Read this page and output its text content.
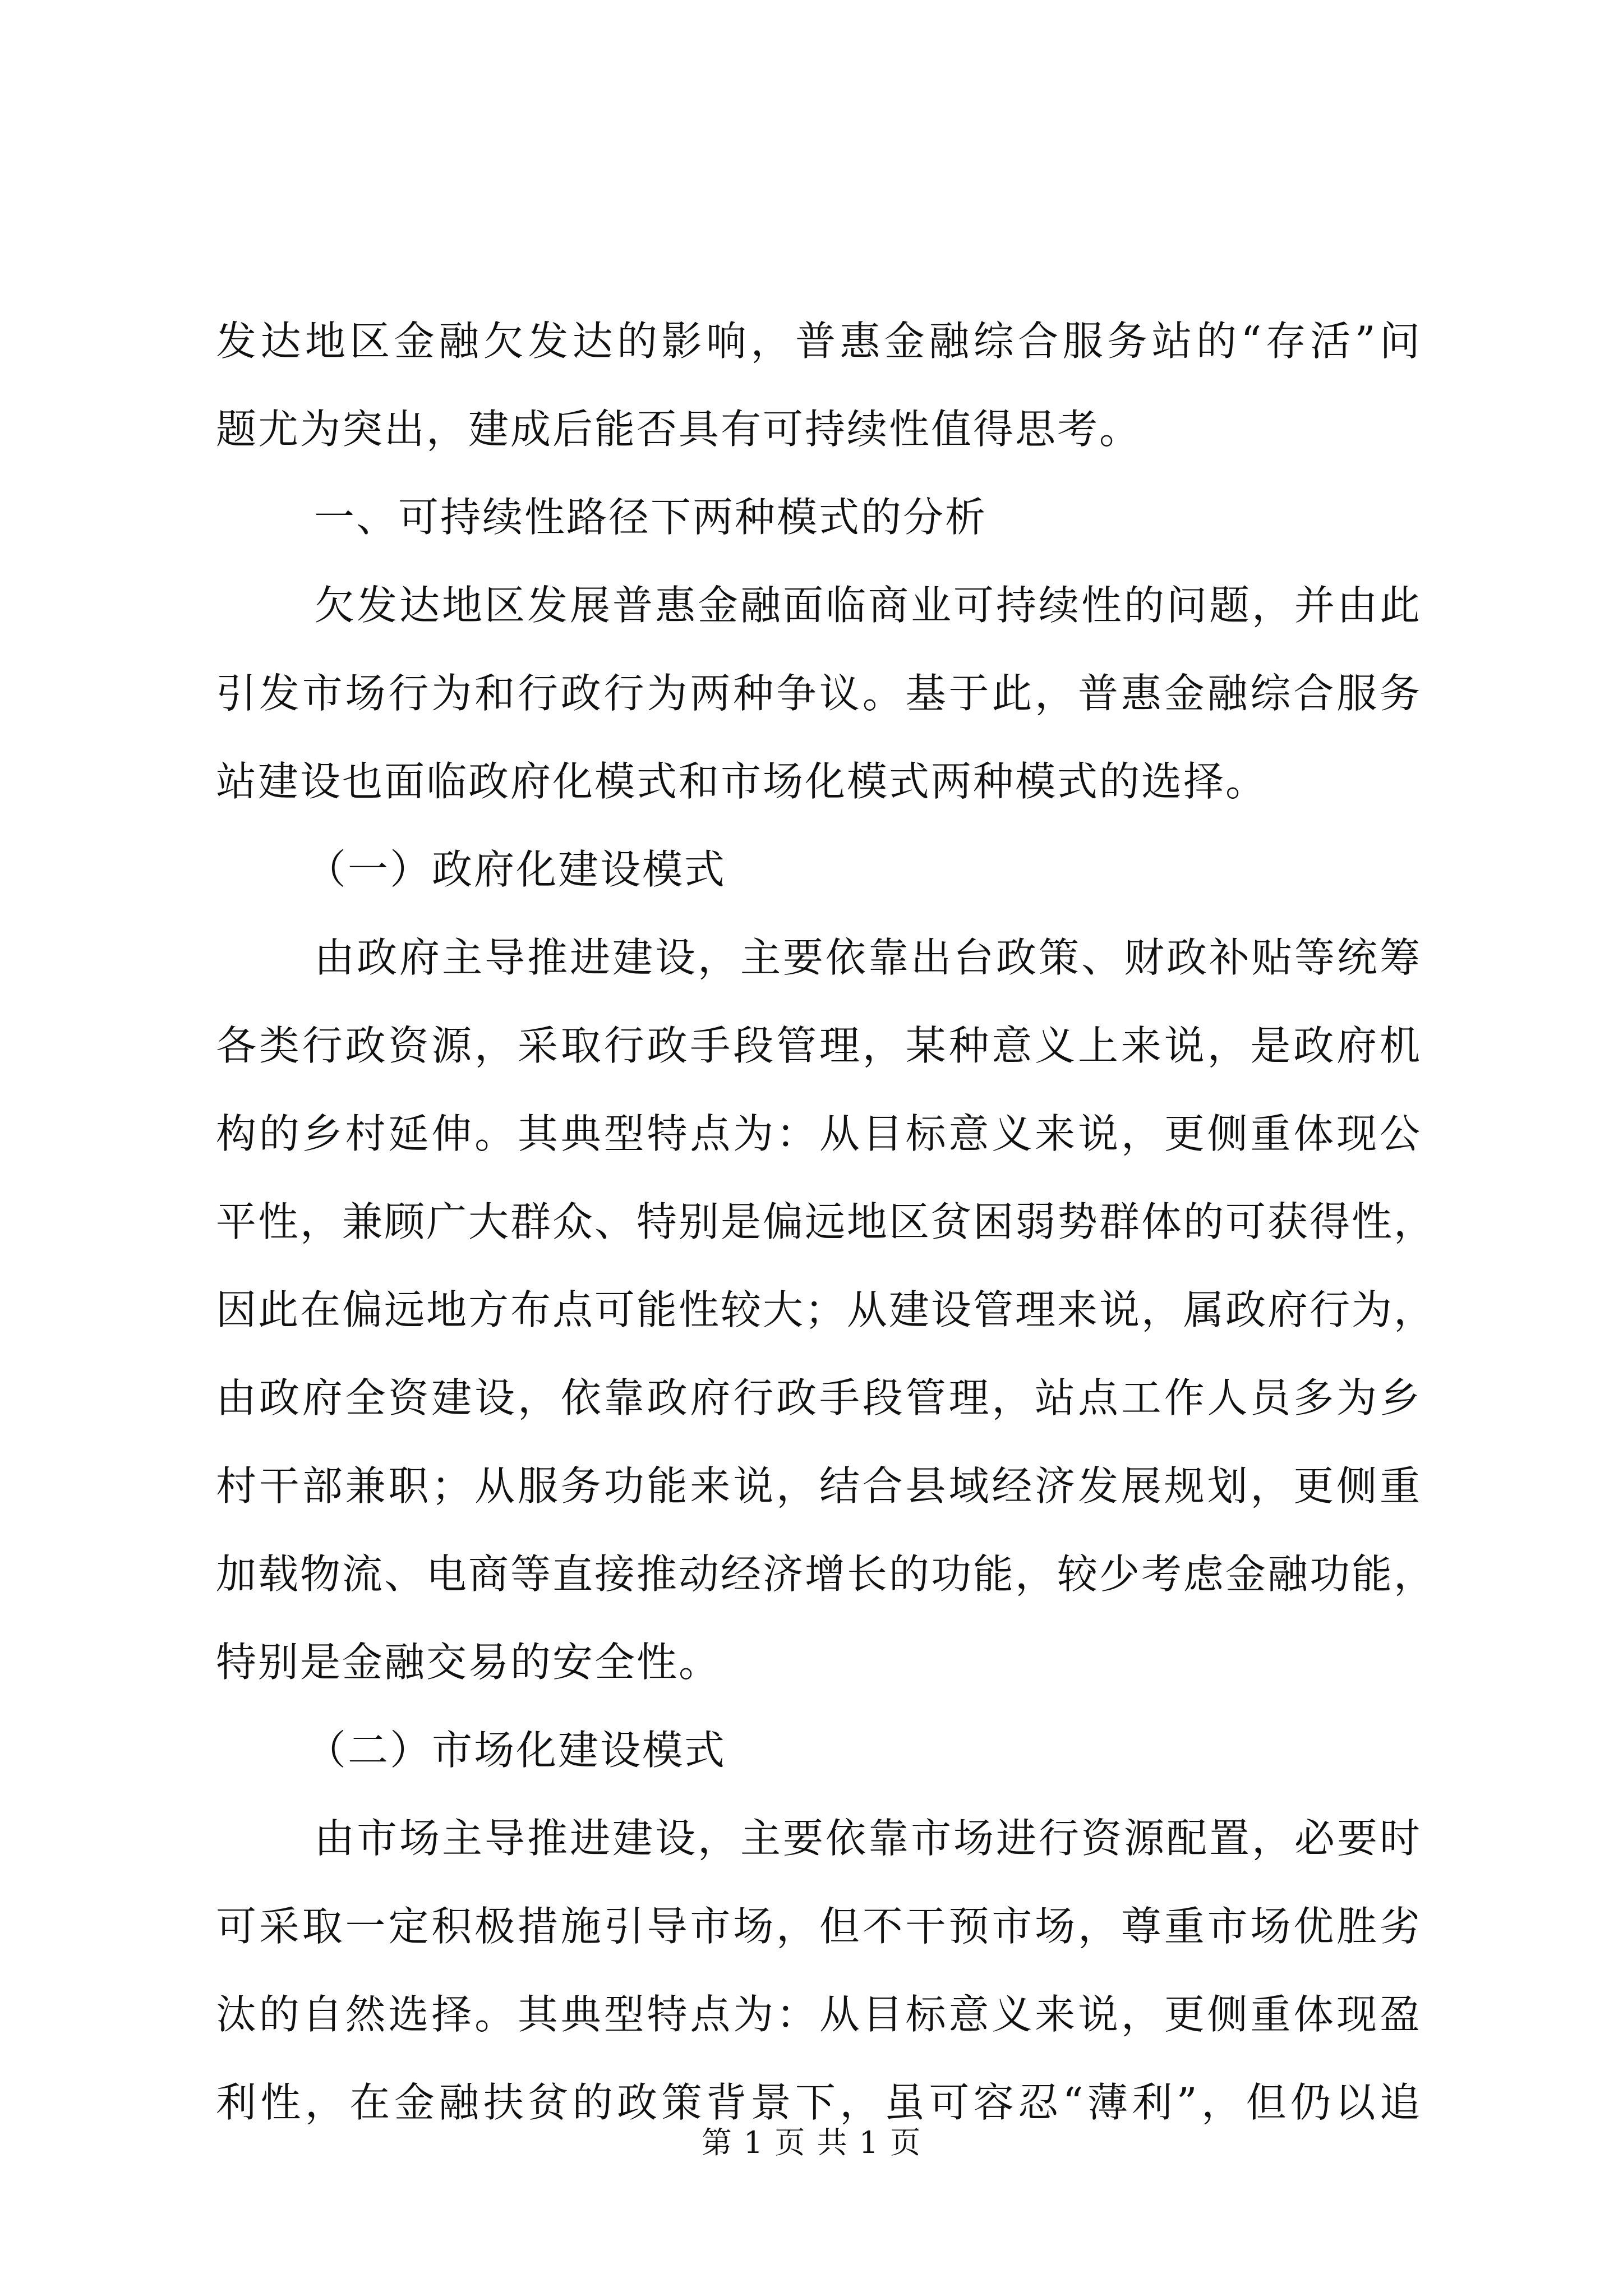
发达地区金融欠发达的影响，普惠金融综合服务站的“存活”问
题尤为突出，建成后能否具有可持续性值得思考。
一、可持续性路径下两种模式的分析
欠发达地区发展普惠金融面临商业可持续性的问题，并由此
引发市场行为和行政行为两种争议。基于此，普惠金融综合服务
站建设也面临政府化模式和市场化模式两种模式的选择。
（一）政府化建设模式
由政府主导推进建设，主要依靠出台政策、财政补贴等统筹
各类行政资源，采取行政手段管理，某种意义上来说，是政府机
构的乡村延伸。其典型特点为：从目标意义来说，更侧重体现公
平性，兼顾广大群众、特别是偏远地区贫困弱势群体的可获得性，
因此在偏远地方布点可能性较大；从建设管理来说，属政府行为，
由政府全资建设，依靠政府行政手段管理，站点工作人员多为乡
村干部兼职；从服务功能来说，结合县域经济发展规划，更侧重
加载物流、电商等直接推动经济增长的功能，较少考虑金融功能，
特别是金融交易的安全性。
（二）市场化建设模式
由市场主导推进建设，主要依靠市场进行资源配置，必要时
可采取一定积极措施引导市场，但不干预市场，尊重市场优胜劣
汰的自然选择。其典型特点为：从目标意义来说，更侧重体现盈
利性，在金融扶贫的政策背景下，虽可容忍“薄利”，但仍以追
第 1 页 共 1 页
